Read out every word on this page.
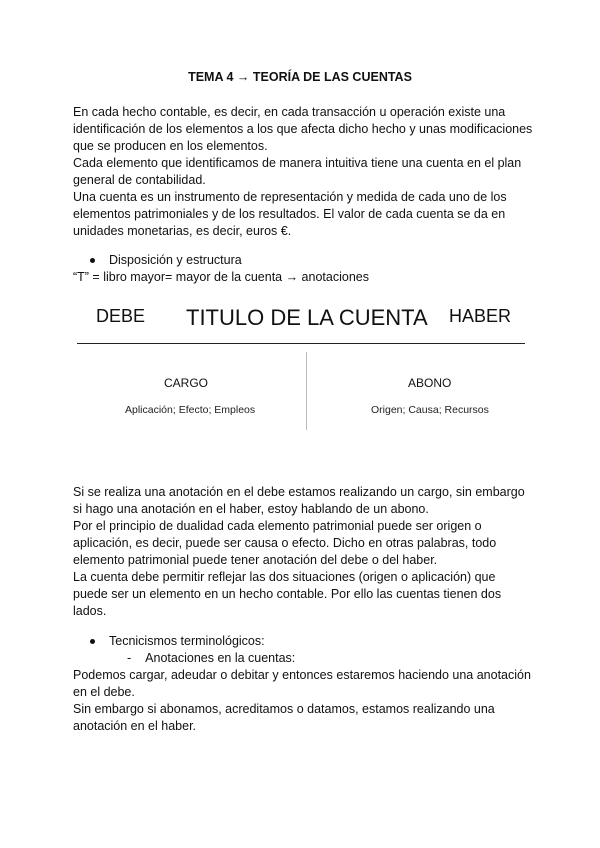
TEMA 4 → TEORÍA DE LAS CUENTAS

En cada hecho contable, es decir, en cada transacción u operación existe una identificación de los elementos a los que afecta dicho hecho y unas modificaciones que se producen en los elementos.

Cada elemento que identificamos de manera intuitiva tiene una cuenta en el plan general de contabilidad.

Una cuenta es un instrumento de representación y medida de cada uno de los elementos patrimoniales y de los resultados. El valor de cada cuenta se da en unidades monetarias, es decir, euros €.

Disposición y estructura
“T” = libro mayor= mayor de la cuenta → anotaciones
DEBE TITULO DE LA CUENTA HABER
CARGO
Aplicación; Efecto; Empleos
ABONO
Origen; Causa; Recursos

Si se realiza una anotación en el debe estamos realizando un cargo, sin embargo si hago una anotación en el haber, estoy hablando de un abono.

Por el principio de dualidad cada elemento patrimonial puede ser origen o aplicación, es decir, puede ser causa o efecto. Dicho en otras palabras, todo elemento patrimonial puede tener anotación del debe o del haber.

La cuenta debe permitir reflejar las dos situaciones (origen o aplicación) que puede ser un elemento en un hecho contable. Por ello las cuentas tienen dos lados.

Tecnicismos terminológicos:
- Anotaciones en la cuentas:

Podemos cargar, adeudar o debitar y entonces estaremos haciendo una anotación en el debe.

Sin embargo si abonamos, acreditamos o datamos, estamos realizando una anotación en el haber.
